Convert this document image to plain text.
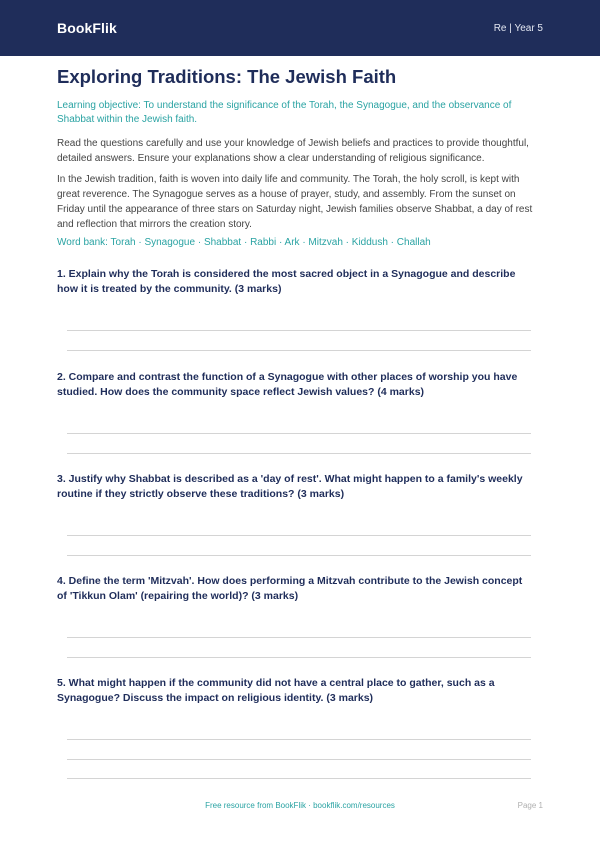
BookFlik	Re | Year 5
Exploring Traditions: The Jewish Faith
Learning objective: To understand the significance of the Torah, the Synagogue, and the observance of Shabbat within the Jewish faith.
Read the questions carefully and use your knowledge of Jewish beliefs and practices to provide thoughtful, detailed answers. Ensure your explanations show a clear understanding of religious significance.
In the Jewish tradition, faith is woven into daily life and community. The Torah, the holy scroll, is kept with great reverence. The Synagogue serves as a house of prayer, study, and assembly. From the sunset on Friday until the appearance of three stars on Saturday night, Jewish families observe Shabbat, a day of rest and reflection that mirrors the creation story.
Word bank: Torah · Synagogue · Shabbat · Rabbi · Ark · Mitzvah · Kiddush · Challah
1. Explain why the Torah is considered the most sacred object in a Synagogue and describe how it is treated by the community. (3 marks)
2. Compare and contrast the function of a Synagogue with other places of worship you have studied. How does the community space reflect Jewish values? (4 marks)
3. Justify why Shabbat is described as a 'day of rest'. What might happen to a family's weekly routine if they strictly observe these traditions? (3 marks)
4. Define the term 'Mitzvah'. How does performing a Mitzvah contribute to the Jewish concept of 'Tikkun Olam' (repairing the world)? (3 marks)
5. What might happen if the community did not have a central place to gather, such as a Synagogue? Discuss the impact on religious identity. (3 marks)
Free resource from BookFlik · bookflik.com/resources	Page 1
